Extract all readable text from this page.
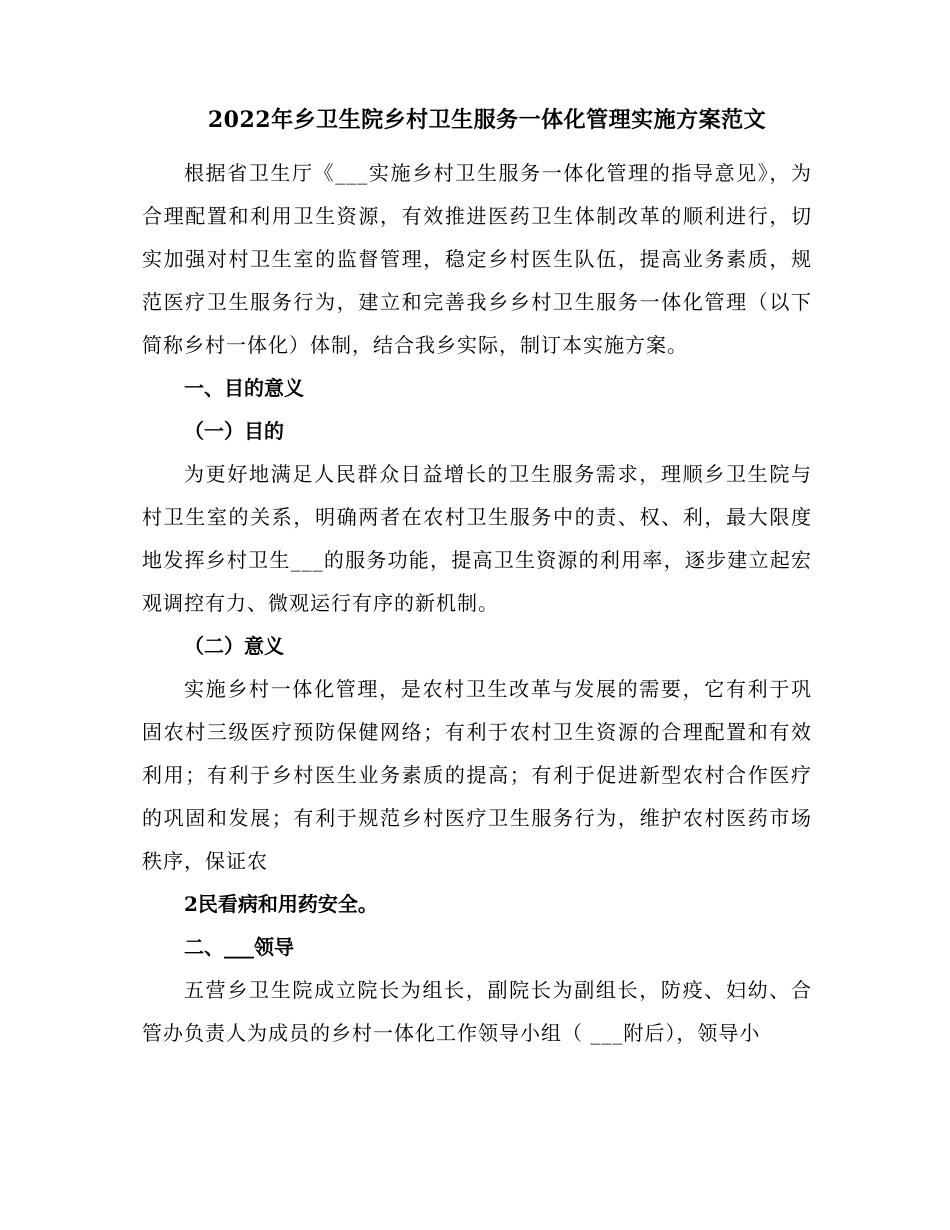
2022年乡卫生院乡村卫生服务一体化管理实施方案范文

根据省卫生厅《___实施乡村卫生服务一体化管理的指导意见》，为合理配置和利用卫生资源，有效推进医药卫生体制改革的顺利进行，切实加强对村卫生室的监督管理，稳定乡村医生队伍，提高业务素质，规范医疗卫生服务行为，建立和完善我乡乡村卫生服务一体化管理（以下简称乡村一体化）体制，结合我乡实际，制订本实施方案。

一、目的意义

（一）目的

为更好地满足人民群众日益增长的卫生服务需求，理顺乡卫生院与村卫生室的关系，明确两者在农村卫生服务中的责、权、利，最大限度地发挥乡村卫生___的服务功能，提高卫生资源的利用率，逐步建立起宏观调控有力、微观运行有序的新机制。

（二）意义

实施乡村一体化管理，是农村卫生改革与发展的需要，它有利于巩固农村三级医疗预防保健网络；有利于农村卫生资源的合理配置和有效利用；有利于乡村医生业务素质的提高；有利于促进新型农村合作医疗的巩固和发展；有利于规范乡村医疗卫生服务行为，维护农村医药市场秩序，保证农

2民看病和用药安全。

二、___领导

五营乡卫生院成立院长为组长，副院长为副组长，防疫、妇幼、合管办负责人为成员的乡村一体化工作领导小组（ ___附后），领导小
